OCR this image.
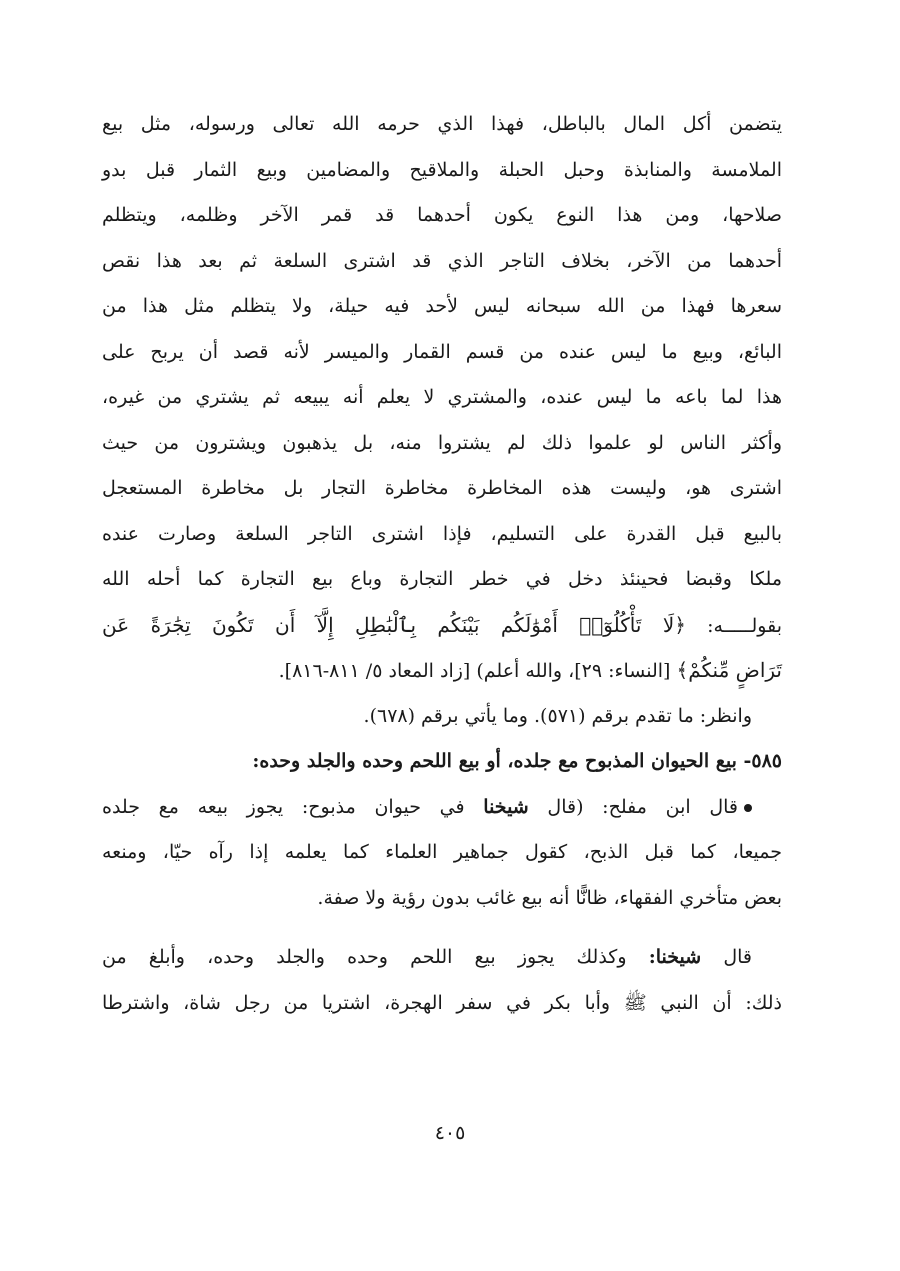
يتضمن أكل المال بالباطل، فهذا الذي حرمه الله تعالى ورسوله، مثل بيع
الملامسة والمنابذة وحبل الحبلة والملاقيح والمضامين وبيع الثمار قبل بدو
صلاحها، ومن هذا النوع يكون أحدهما قد قمر الآخر وظلمه، ويتظلم
أحدهما من الآخر، بخلاف التاجر الذي قد اشترى السلعة ثم بعد هذا نقص
سعرها فهذا من الله سبحانه ليس لأحد فيه حيلة، ولا يتظلم مثل هذا من
البائع، وبيع ما ليس عنده من قسم القمار والميسر لأنه قصد أن يربح على
هذا لما باعه ما ليس عنده، والمشتري لا يعلم أنه يبيعه ثم يشتري من غيره،
وأكثر الناس لو علموا ذلك لم يشتروا منه، بل يذهبون ويشترون من حيث
اشترى هو، وليست هذه المخاطرة مخاطرة التجار بل مخاطرة المستعجل
بالبيع قبل القدرة على التسليم، فإذا اشترى التاجر السلعة وصارت عنده
ملكا وقبضا فحينئذ دخل في خطر التجارة وباع بيع التجارة كما أحله الله
بقولـــــه: ﴿لَا تَأْكُلُوٓا۟ أَمْوَٰلَكُم بَيْنَكُم بِٱلْبَٰطِلِ إِلَّآ أَن تَكُونَ تِجَٰرَةً عَن
تَرَاضٍ مِّنكُمْ﴾ [النساء: ٢٩]، والله أعلم) [زاد المعاد ٥/ ٨١١-٨١٦].
وانظر: ما تقدم برقم (٥٧١). وما يأتي برقم (٦٧٨).
٥٨٥- بيع الحيوان المذبوح مع جلده، أو بيع اللحم وحده والجلد وحده:
قال ابن مفلح: (قال شيخنا في حيوان مذبوح: يجوز بيعه مع جلده
جميعا، كما قبل الذبح، كقول جماهير العلماء كما يعلمه إذا رآه حيّا، ومنعه
بعض متأخري الفقهاء، ظانًّا أنه بيع غائب بدون رؤية ولا صفة.
قال شيخنا: وكذلك يجوز بيع اللحم وحده والجلد وحده، وأبلغ من
ذلك: أن النبي ﷺ وأبا بكر في سفر الهجرة، اشتريا من رجل شاة، واشترطا
٤٠٥
